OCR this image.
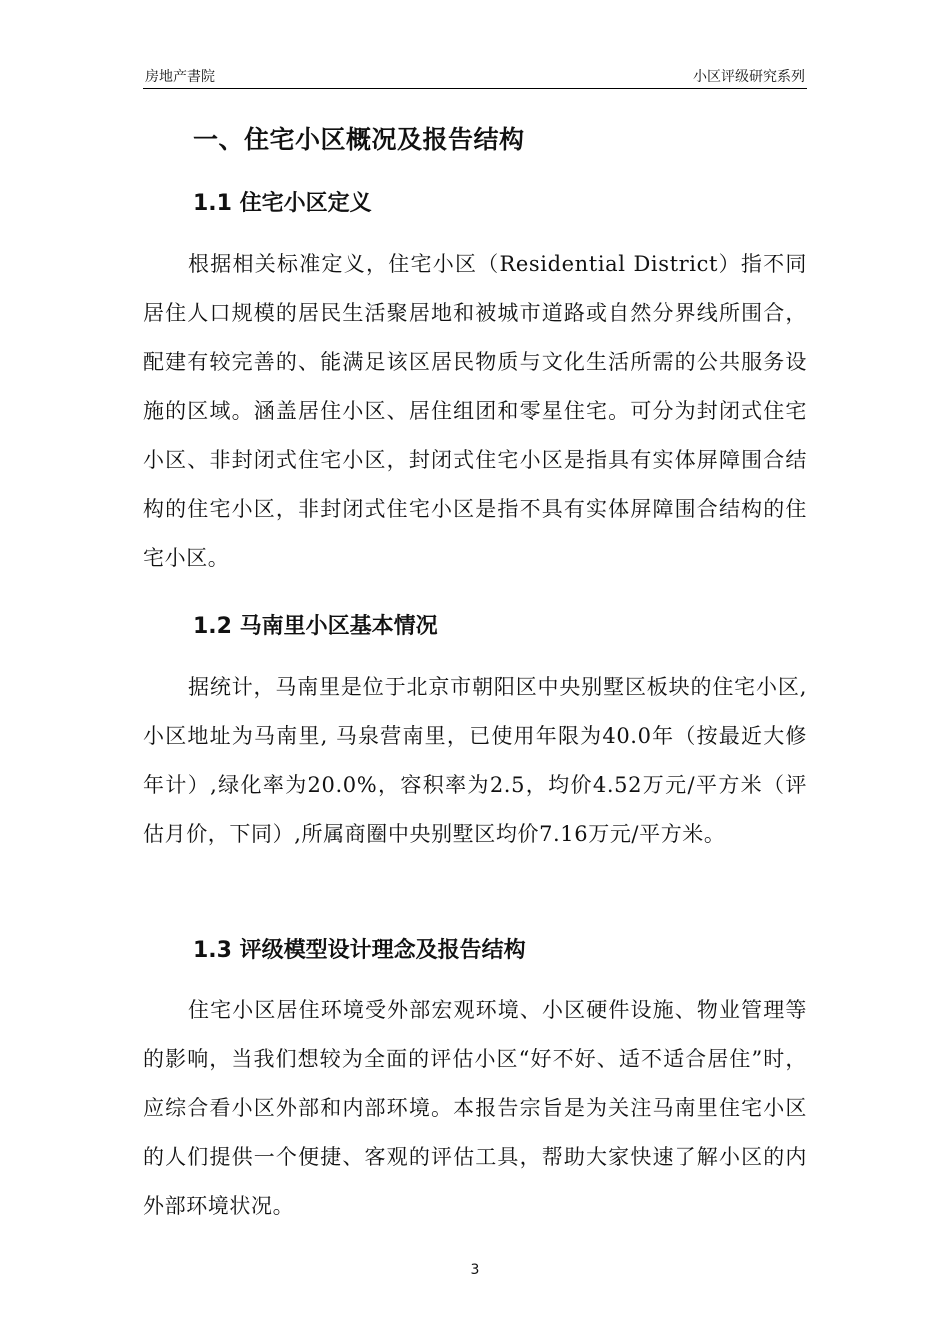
房地产書院	小区评级研究系列
一、住宅小区概况及报告结构
1.1 住宅小区定义

根据相关标准定义，住宅小区（Residential District）指不同居住人口规模的居民生活聚居地和被城市道路或自然分界线所围合，配建有较完善的、能满足该区居民物质与文化生活所需的公共服务设施的区域。涵盖居住小区、居住组团和零星住宅。可分为封闭式住宅小区、非封闭式住宅小区，封闭式住宅小区是指具有实体屏障围合结构的住宅小区，非封闭式住宅小区是指不具有实体屏障围合结构的住宅小区。

1.2 马南里小区基本情况

据统计，马南里是位于北京市朝阳区中央别墅区板块的住宅小区,小区地址为马南里, 马泉营南里，已使用年限为40.0年（按最近大修年计）,绿化率为20.0%，容积率为2.5，均价4.52万元/平方米（评估月价，下同）,所属商圈中央别墅区均价7.16万元/平方米。

1.3 评级模型设计理念及报告结构

住宅小区居住环境受外部宏观环境、小区硬件设施、物业管理等的影响，当我们想较为全面的评估小区“好不好、适不适合居住”时，应综合看小区外部和内部环境。本报告宗旨是为关注马南里住宅小区的人们提供一个便捷、客观的评估工具，帮助大家快速了解小区的内外部环境状况。

3
